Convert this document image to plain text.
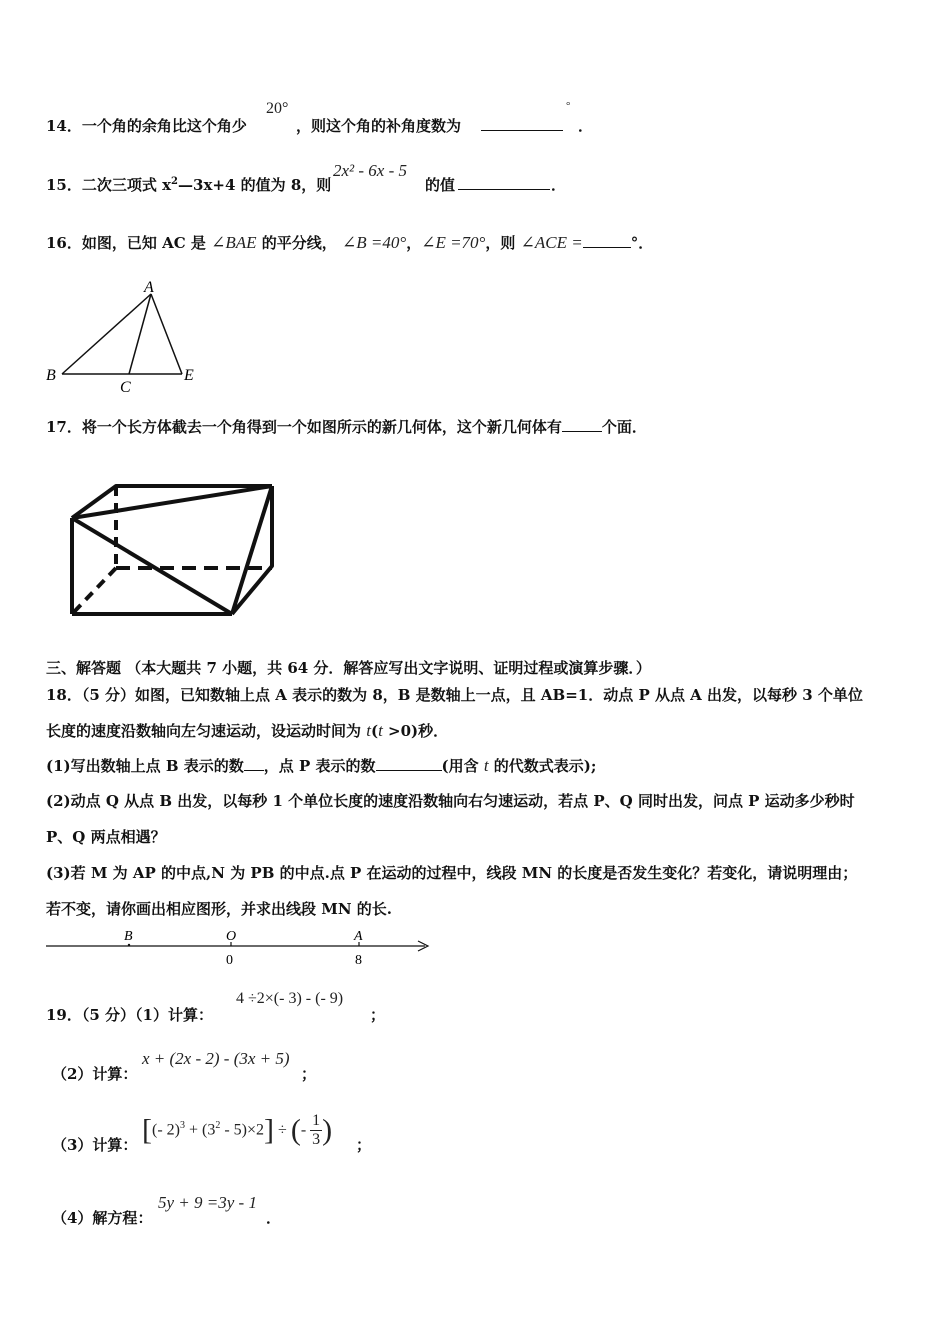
14．一个角的余角比这个角少
20°
，则这个角的补角度数为
°
．
15．二次三项式 $x^2—3x+4$ 的值为 8，则
2x² - 6x - 5
的值	．
16．如图，已知 AC 是 ∠BAE 的平分线， ∠B =40°，∠E =70°，则 ∠ACE =	°．
A
B
C
E
17．将一个长方体截去一个角得到一个如图所示的新几何体，这个新几何体有	个面．
三、解答题 （本大题共 7 小题，共 64 分．解答应写出文字说明、证明过程或演算步骤．）
18．（5 分）如图，已知数轴上点 A 表示的数为 8，B 是数轴上一点，且 AB=1．动点 P 从点 A 出发，以每秒 3 个单位
长度的速度沿数轴向左匀速运动，设运动时间为 t(t >0)秒．
(1)写出数轴上点 B 表示的数 ，点 P 表示的数	(用含 t 的代数式表示);
(2)动点 Q 从点 B 出发，以每秒 1 个单位长度的速度沿数轴向右匀速运动，若点 P、Q 同时出发，问点 P 运动多少秒时
P、Q 两点相遇？
(3)若 M 为 AP 的中点,N 为 PB 的中点.点 P 在运动的过程中，线段 MN 的长度是否发生变化？若变化，请说明理由；
若不变，请你画出相应图形，并求出线段 MN 的长.
B	O	A
0	8
19．（5 分）（1）计算：
4 ÷2×(- 3) - (- 9)
；
（2）计算：
x + (2x - 2) - (3x + 5)
；
（3）计算： [(- $2)^3 + (3^2 - 5)\times 2$] ÷ (- $\frac{1}{3}$ ) ；
（4）解方程：
5y + 9 =3y - 1
．
